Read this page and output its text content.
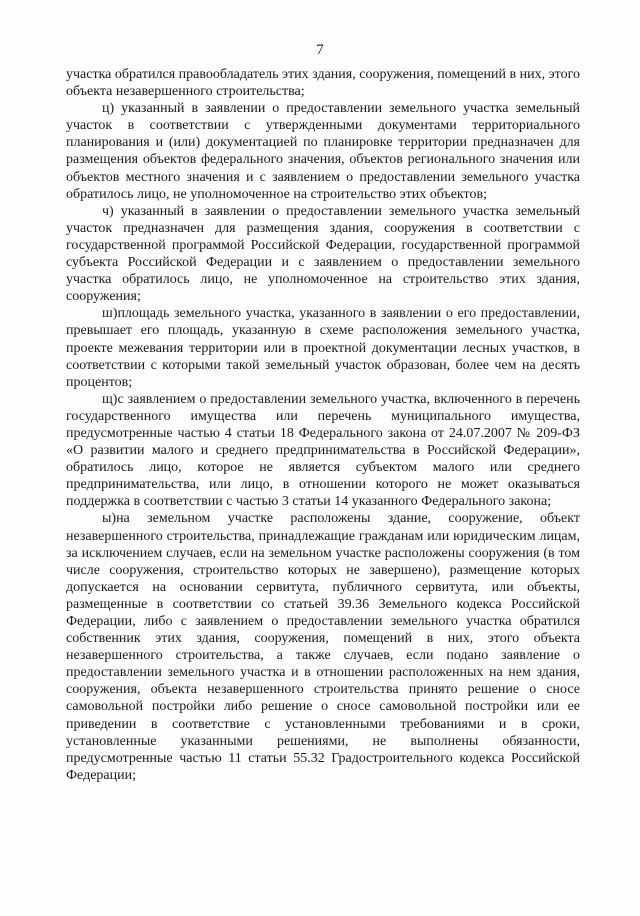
7

участка обратился правообладатель этих здания, сооружения, помещений в них, этого объекта незавершенного строительства;

ц) указанный в заявлении о предоставлении земельного участка земельный участок в соответствии с утвержденными документами территориального планирования и (или) документацией по планировке территории предназначен для размещения объектов федерального значения, объектов регионального значения или объектов местного значения и с заявлением о предоставлении земельного участка обратилось лицо, не уполномоченное на строительство этих объектов;

ч) указанный в заявлении о предоставлении земельного участка земельный участок предназначен для размещения здания, сооружения в соответствии с государственной программой Российской Федерации, государственной программой субъекта Российской Федерации и с заявлением о предоставлении земельного участка обратилось лицо, не уполномоченное на строительство этих здания, сооружения;

ш)площадь земельного участка, указанного в заявлении о его предоставлении, превышает его площадь, указанную в схеме расположения земельного участка, проекте межевания территории или в проектной документации лесных участков, в соответствии с которыми такой земельный участок образован, более чем на десять процентов;

щ)с заявлением о предоставлении земельного участка, включенного в перечень государственного имущества или перечень муниципального имущества, предусмотренные частью 4 статьи 18 Федерального закона от 24.07.2007 № 209-ФЗ «О развитии малого и среднего предпринимательства в Российской Федерации», обратилось лицо, которое не является субъектом малого или среднего предпринимательства, или лицо, в отношении которого не может оказываться поддержка в соответствии с частью 3 статьи 14 указанного Федерального закона;

ы)на земельном участке расположены здание, сооружение, объект незавершенного строительства, принадлежащие гражданам или юридическим лицам, за исключением случаев, если на земельном участке расположены сооружения (в том числе сооружения, строительство которых не завершено), размещение которых допускается на основании сервитута, публичного сервитута, или объекты, размещенные в соответствии со статьей 39.36 Земельного кодекса Российской Федерации, либо с заявлением о предоставлении земельного участка обратился собственник этих здания, сооружения, помещений в них, этого объекта незавершенного строительства, а также случаев, если подано заявление о предоставлении земельного участка и в отношении расположенных на нем здания, сооружения, объекта незавершенного строительства принято решение о сносе самовольной постройки либо решение о сносе самовольной постройки или ее приведении в соответствие с установленными требованиями и в сроки, установленные указанными решениями, не выполнены обязанности, предусмотренные частью 11 статьи 55.32 Градостроительного кодекса Российской Федерации;
